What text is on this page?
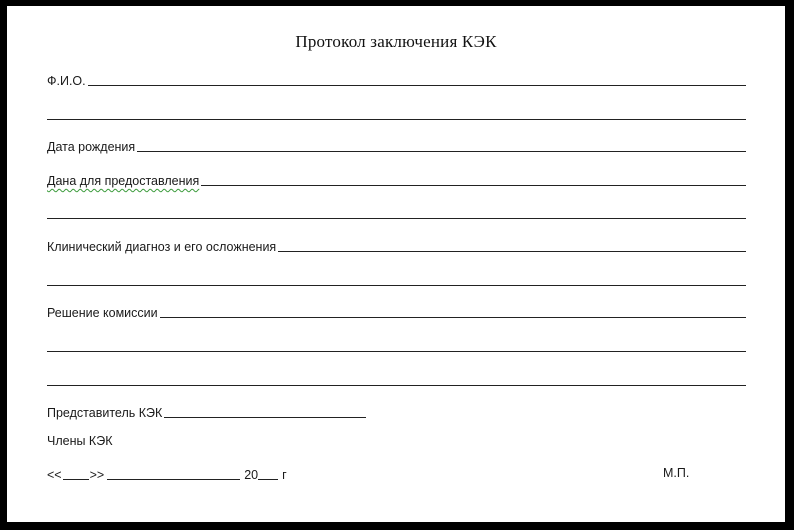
Протокол заключения КЭК
Ф.И.О.
Дата рождения
Дана для предоставления
Клинический диагноз и его осложнения
Решение комиссии
Представитель КЭК
Члены КЭК
<< >>	20 г	М.П.
